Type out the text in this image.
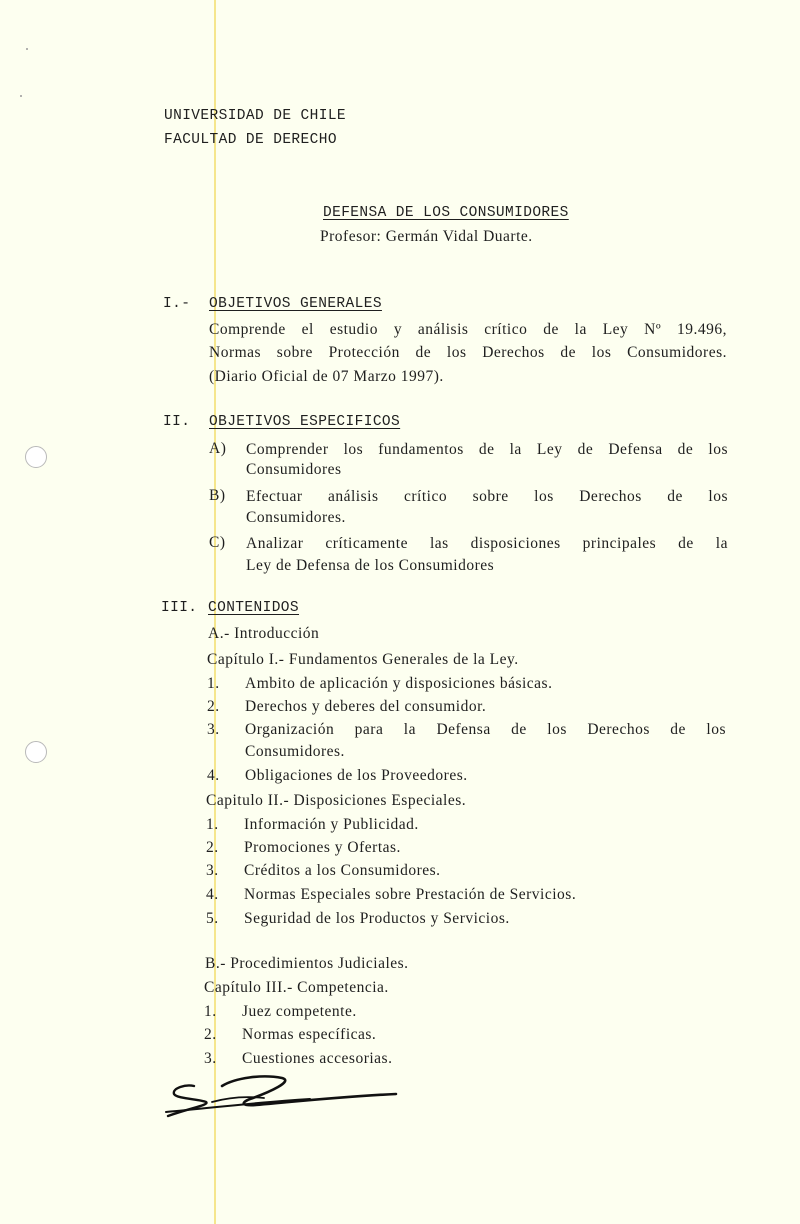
UNIVERSIDAD DE CHILE
FACULTAD DE DERECHO
DEFENSA DE LOS CONSUMIDORES
Profesor: Germán Vidal Duarte.
I.- OBJETIVOS GENERALES
Comprende el estudio y análisis crítico de la Ley Nº 19.496,
Normas sobre Protección de los Derechos de los Consumidores.
(Diario Oficial de 07 Marzo 1997).
II. OBJETIVOS ESPECIFICOS
A) Comprender los fundamentos de la Ley de Defensa de los
Consumidores
B) Efectuar análisis crítico sobre los Derechos de los
Consumidores.
C) Analizar críticamente las disposiciones principales de la
Ley de Defensa de los Consumidores
III. CONTENIDOS
A.- Introducción
Capítulo I.- Fundamentos Generales de la Ley.
1. Ambito de aplicación y disposiciones básicas.
2. Derechos y deberes del consumidor.
3. Organización para la Defensa de los Derechos de los
Consumidores.
4. Obligaciones de los Proveedores.
Capitulo II.- Disposiciones Especiales.
1. Información y Publicidad.
2. Promociones y Ofertas.
3. Créditos a los Consumidores.
4. Normas Especiales sobre Prestación de Servicios.
5. Seguridad de los Productos y Servicios.
B.- Procedimientos Judiciales.
Capítulo III.- Competencia.
1. Juez competente.
2. Normas específicas.
3. Cuestiones accesorias.
